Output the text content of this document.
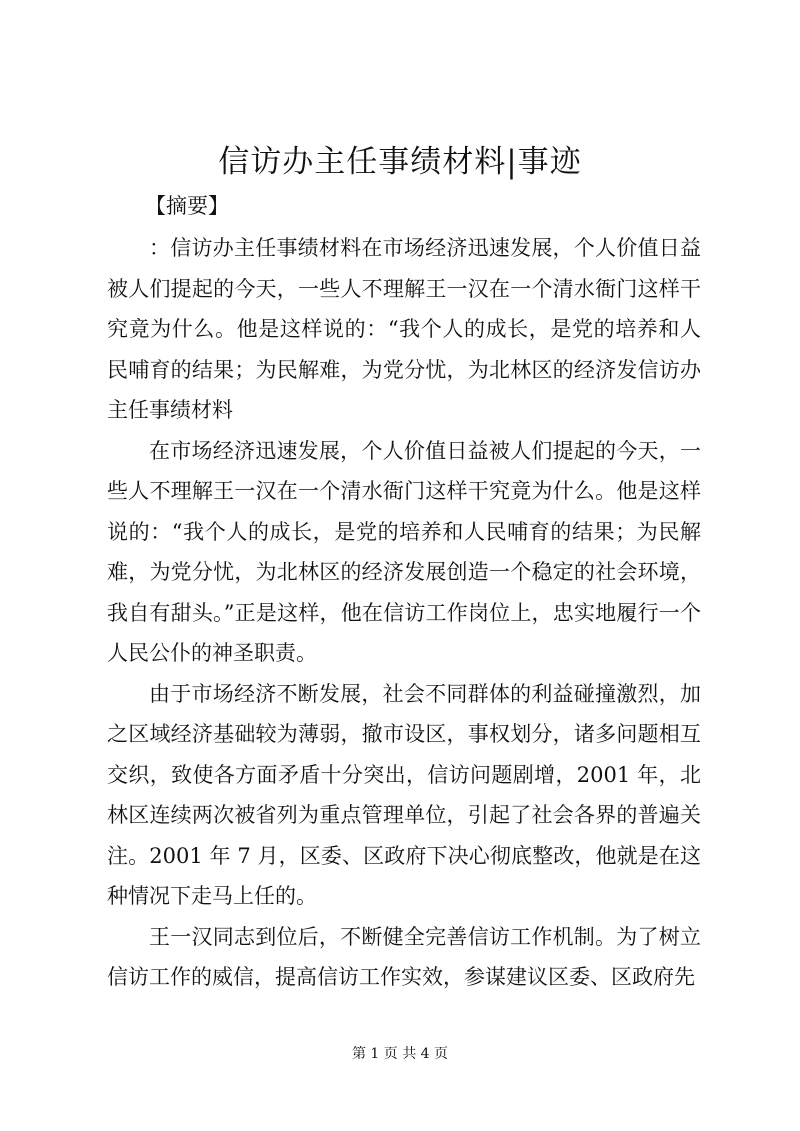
信访办主任事绩材料|事迹
【摘要】

：信访办主任事绩材料在市场经济迅速发展，个人价值日益被人们提起的今天，一些人不理解王一汉在一个清水衙门这样干究竟为什么。他是这样说的：“我个人的成长，是党的培养和人民哺育的结果；为民解难，为党分忧，为北林区的经济发信访办主任事绩材料

在市场经济迅速发展，个人价值日益被人们提起的今天，一些人不理解王一汉在一个清水衙门这样干究竟为什么。他是这样说的：“我个人的成长，是党的培养和人民哺育的结果；为民解难，为党分忧，为北林区的经济发展创造一个稳定的社会环境，我自有甜头。”正是这样，他在信访工作岗位上，忠实地履行一个人民公仆的神圣职责。

由于市场经济不断发展，社会不同群体的利益碰撞激烈，加之区域经济基础较为薄弱，撤市设区，事权划分，诸多问题相互交织，致使各方面矛盾十分突出，信访问题剧增，2001 年，北林区连续两次被省列为重点管理单位，引起了社会各界的普遍关注。2001 年 7 月，区委、区政府下决心彻底整改，他就是在这种情况下走马上任的。

王一汉同志到位后，不断健全完善信访工作机制。为了树立信访工作的威信，提高信访工作实效，参谋建议区委、区政府先

第 1 页 共 4 页
